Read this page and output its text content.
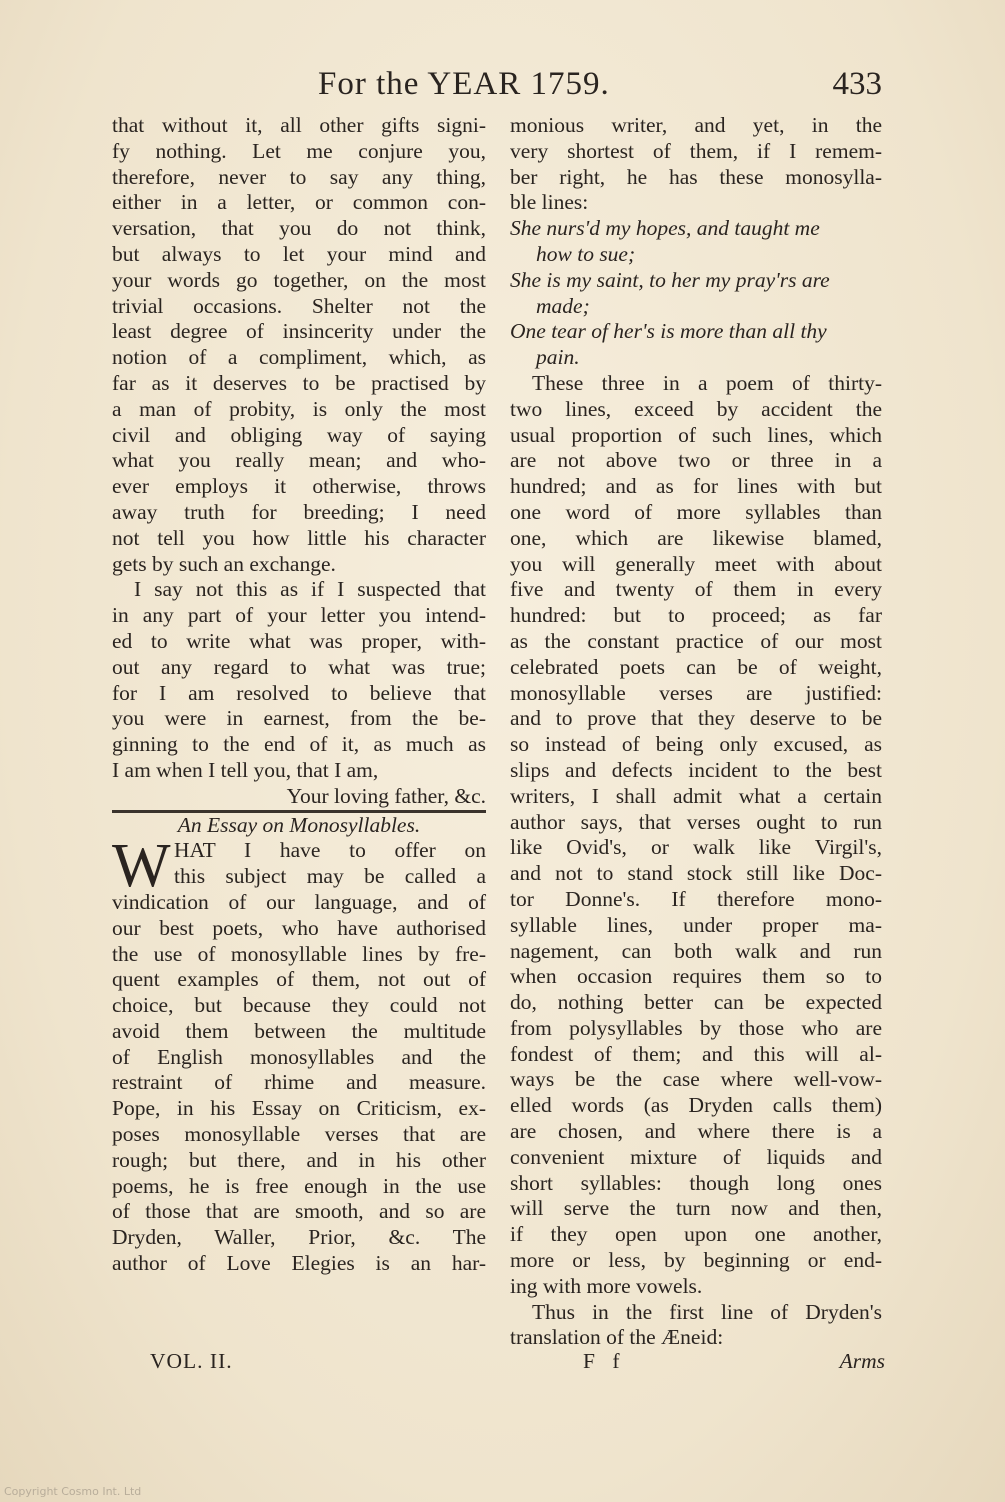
For the YEAR 1759.	433
that without it, all other gifts signi-
fy nothing. Let me conjure you,
therefore, never to say any thing,
either in a letter, or common con-
versation, that you do not think,
but always to let your mind and
your words go together, on the most
trivial occasions. Shelter not the
least degree of insincerity under the
notion of a compliment, which, as
far as it deserves to be practised by
a man of probity, is only the most
civil and obliging way of saying
what you really mean; and who-
ever employs it otherwise, throws
away truth for breeding; I need
not tell you how little his character
gets by such an exchange.
I say not this as if I suspected that
in any part of your letter you intend-
ed to write what was proper, with-
out any regard to what was true;
for I am resolved to believe that
you were in earnest, from the be-
ginning to the end of it, as much as
I am when I tell you, that I am,
Your loving father, &c.
An Essay on Monosyllables.
W HAT I have to offer on
this subject may be called a
vindication of our language, and of
our best poets, who have authorised
the use of monosyllable lines by fre-
quent examples of them, not out of
choice, but because they could not
avoid them between the multitude
of English monosyllables and the
restraint of rhime and measure.
Pope, in his Essay on Criticism, ex-
poses monosyllable verses that are
rough; but there, and in his other
poems, he is free enough in the use
of those that are smooth, and so are
Dryden, Waller, Prior, &c. The
author of Love Elegies is an har-
monious writer, and yet, in the
very shortest of them, if I remem-
ber right, he has these monosylla-
ble lines:
She nurs'd my hopes, and taught me
how to sue;
She is my saint, to her my pray'rs are
made;
One tear of her's is more than all thy
pain.
These three in a poem of thirty-
two lines, exceed by accident the
usual proportion of such lines, which
are not above two or three in a
hundred; and as for lines with but
one word of more syllables than
one, which are likewise blamed,
you will generally meet with about
five and twenty of them in every
hundred: but to proceed; as far
as the constant practice of our most
celebrated poets can be of weight,
monosyllable verses are justified:
and to prove that they deserve to be
so instead of being only excused, as
slips and defects incident to the best
writers, I shall admit what a certain
author says, that verses ought to run
like Ovid's, or walk like Virgil's,
and not to stand stock still like Doc-
tor Donne's. If therefore mono-
syllable lines, under proper ma-
nagement, can both walk and run
when occasion requires them so to
do, nothing better can be expected
from polysyllables by those who are
fondest of them; and this will al-
ways be the case where well-vow-
elled words (as Dryden calls them)
are chosen, and where there is a
convenient mixture of liquids and
short syllables: though long ones
will serve the turn now and then,
if they open upon one another,
more or less, by beginning or end-
ing with more vowels.
Thus in the first line of Dryden's
translation of the Æneid:
VOL. II.	F f	Arms
Copyright Cosmo Int. Ltd
